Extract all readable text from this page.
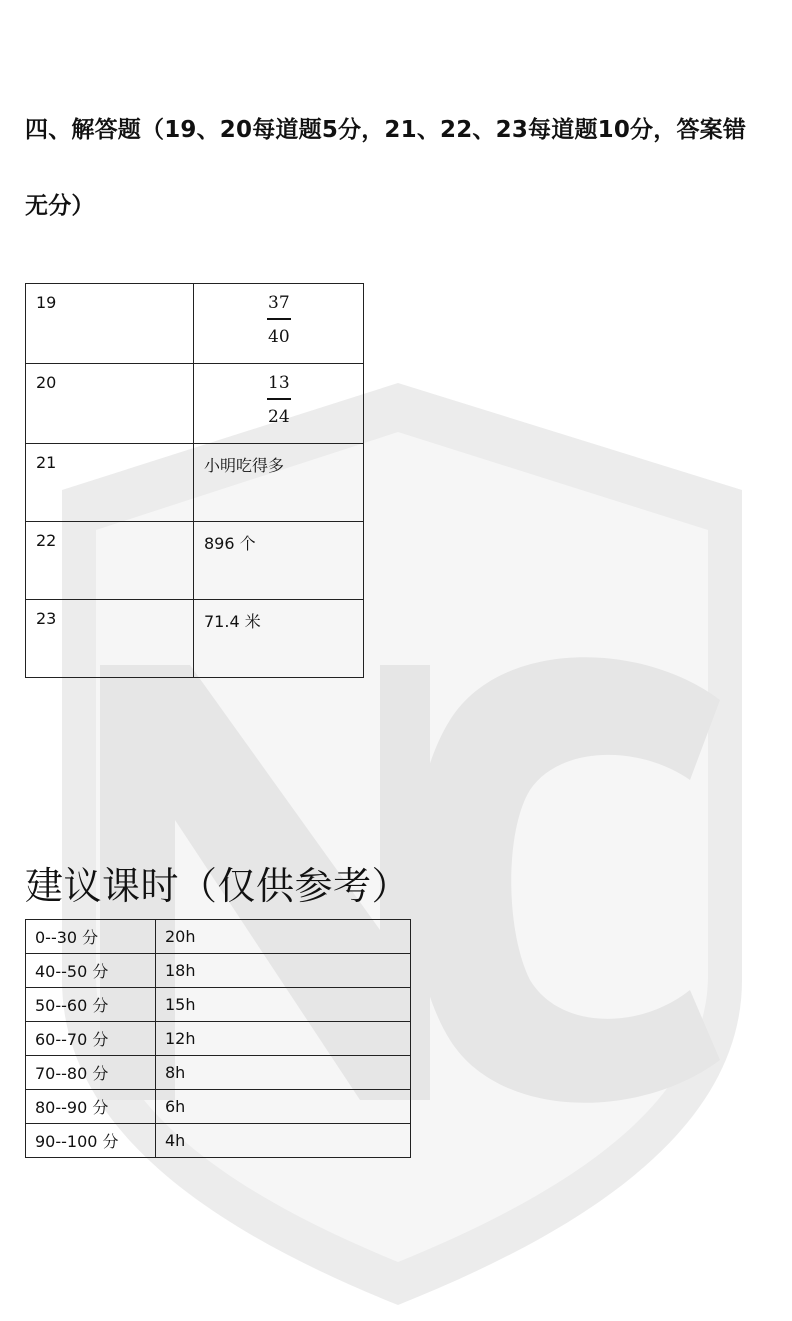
四、解答题（19、20每道题5分，21、22、23每道题10分，答案错
无分）
19	$\frac{37}{40}$

20	$\frac{13}{24}$

21	小明吃得多
22	896 个
23	71.4 米
建议课时（仅供参考）
0--30 分	20h
40--50 分	18h
50--60 分	15h
60--70 分	12h
70--80 分	8h
80--90 分	6h
90--100 分	4h
